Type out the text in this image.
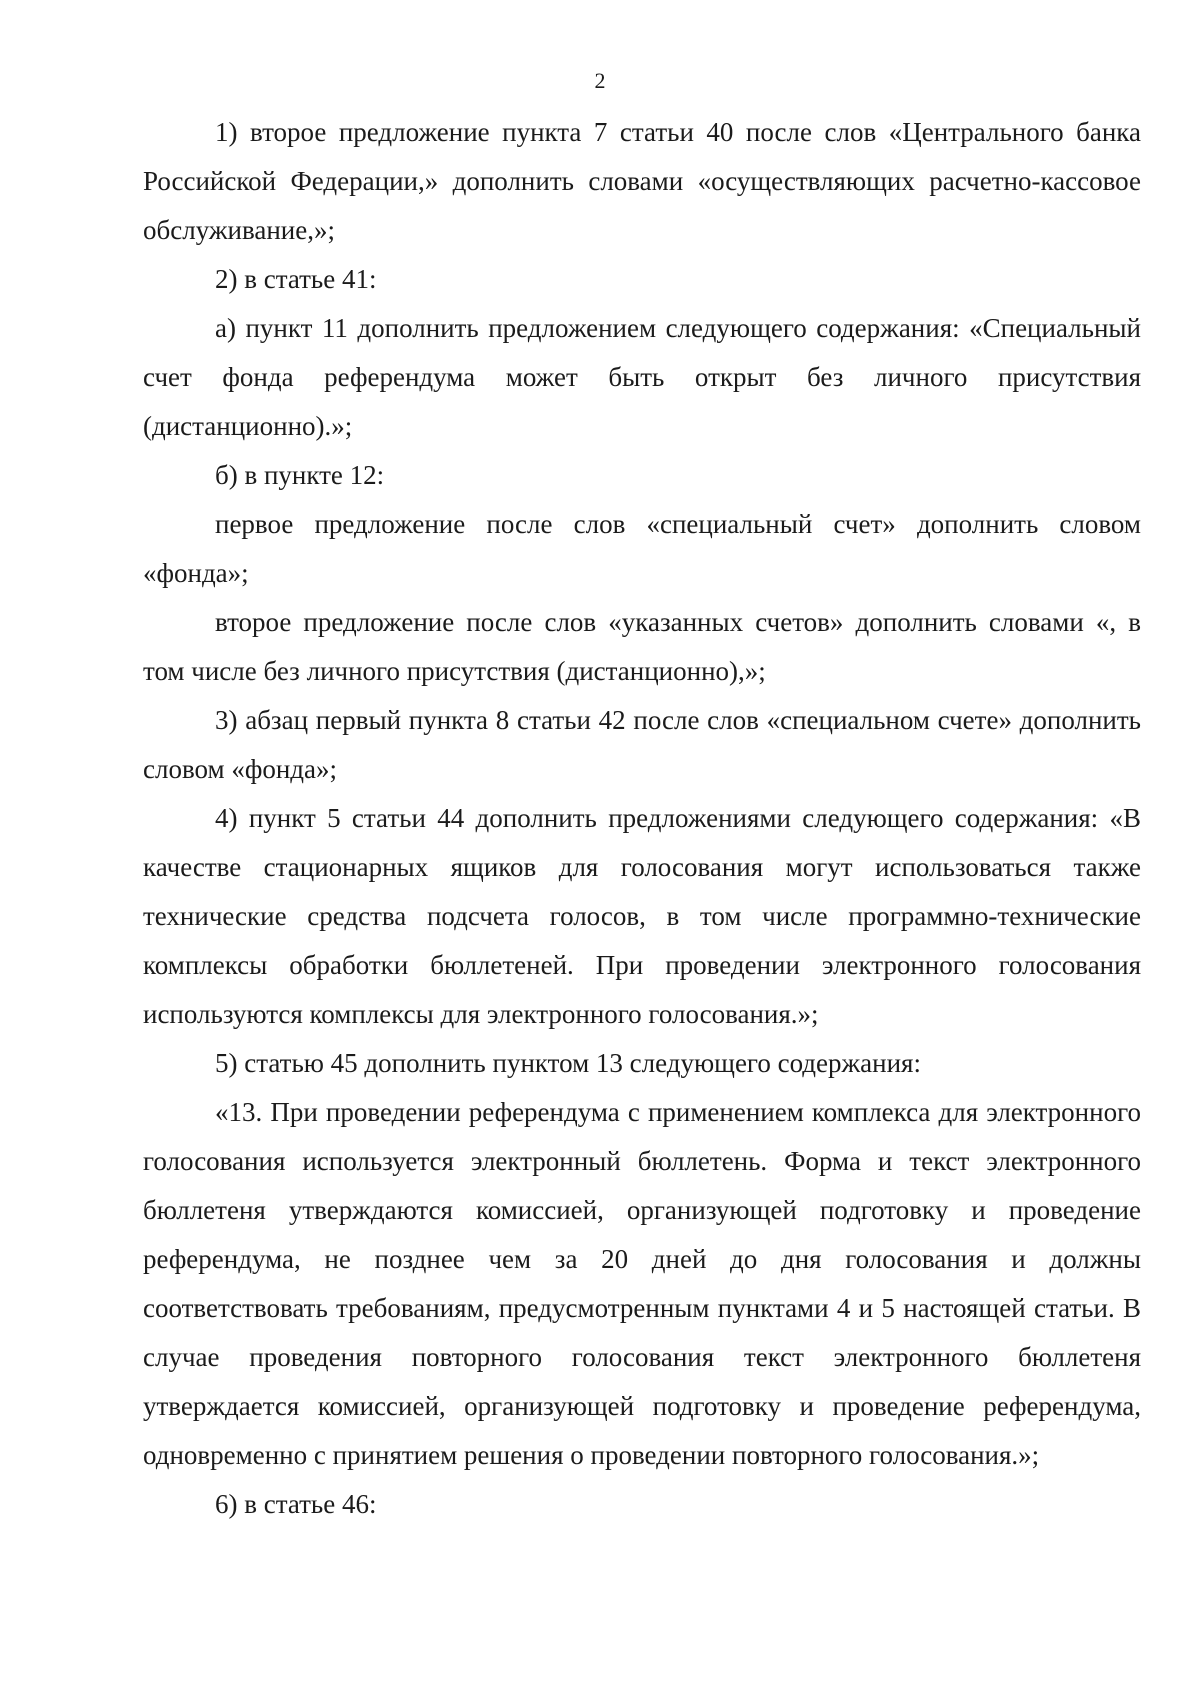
2

1) второе предложение пункта 7 статьи 40 после слов «Центрального банка Российской Федерации,» дополнить словами «осуществляющих расчетно-кассовое обслуживание,»;

2) в статье 41:

а) пункт 11 дополнить предложением следующего содержания: «Специальный счет фонда референдума может быть открыт без личного присутствия (дистанционно).»;

б) в пункте 12:

первое предложение после слов «специальный счет» дополнить словом «фонда»;

второе предложение после слов «указанных счетов» дополнить словами «, в том числе без личного присутствия (дистанционно),»;

3) абзац первый пункта 8 статьи 42 после слов «специальном счете» дополнить словом «фонда»;

4) пункт 5 статьи 44 дополнить предложениями следующего содержания: «В качестве стационарных ящиков для голосования могут использоваться также технические средства подсчета голосов, в том числе программно-технические комплексы обработки бюллетеней. При проведении электронного голосования используются комплексы для электронного голосования.»;

5) статью 45 дополнить пунктом 13 следующего содержания:

«13. При проведении референдума с применением комплекса для электронного голосования используется электронный бюллетень. Форма и текст электронного бюллетеня утверждаются комиссией, организующей подготовку и проведение референдума, не позднее чем за 20 дней до дня голосования и должны соответствовать требованиям, предусмотренным пунктами 4 и 5 настоящей статьи. В случае проведения повторного голосования текст электронного бюллетеня утверждается комиссией, организующей подготовку и проведение референдума, одновременно с принятием решения о проведении повторного голосования.»;

6) в статье 46:
